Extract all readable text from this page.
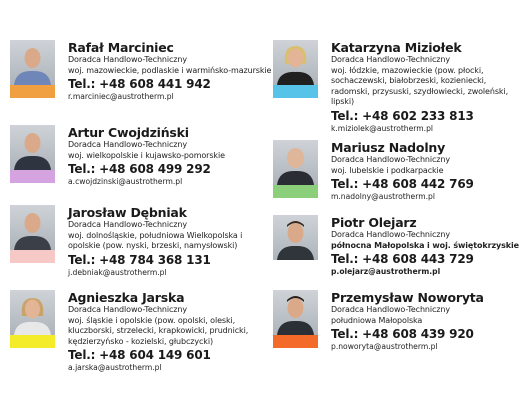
Rafał Marciniec
Doradca Handlowo-Techniczny
woj. mazowieckie, podlaskie i warmińsko-mazurskie
Tel.: +48 608 441 942
r.marciniec@austrotherm.pl
Artur Cwojdziński
Doradca Handlowo-Techniczny
woj. wielkopolskie i kujawsko-pomorskie
Tel.: +48 608 499 292
a.cwojdzinski@austrotherm.pl
Jarosław Dębniak
Doradca Handlowo-Techniczny
woj. dolnośląskie, południowa Wielkopolska i opolskie (pow. nyski, brzeski, namysłowski)
Tel.: +48 784 368 131
j.debniak@austrotherm.pl
Agnieszka Jarska
Doradca Handlowo-Techniczny
woj. śląskie i opolskie (pow. opolski, oleski, kluczborski, strzelecki, krapkowicki, prudnicki, kędzierzyńsko - kozielski, głubczycki)
Tel.: +48 604 149 601
a.jarska@austrotherm.pl
Katarzyna Miziołek
Doradca Handlowo-Techniczny
woj. łódzkie, mazowieckie (pow. płocki, sochaczewski, białobrzeski, kozieniecki, radomski, przysuski, szydłowiecki, zwoleński, lipski)
Tel.: +48 602 233 813
k.miziolek@austrotherm.pl
Mariusz Nadolny
Doradca Handlowo-Techniczny
woj. lubelskie i podkarpackie
Tel.: +48 608 442 769
m.nadolny@austrotherm.pl
Piotr Olejarz
Doradca Handlowo-Techniczny
północna Małopolska i woj. świętokrzyskie
Tel.: +48 608 443 729
p.olejarz@austrotherm.pl
Przemysław Noworyta
Doradca Handlowo-Techniczny
południowa Małopolska
Tel.: +48 608 439 920
p.noworyta@austrotherm.pl
